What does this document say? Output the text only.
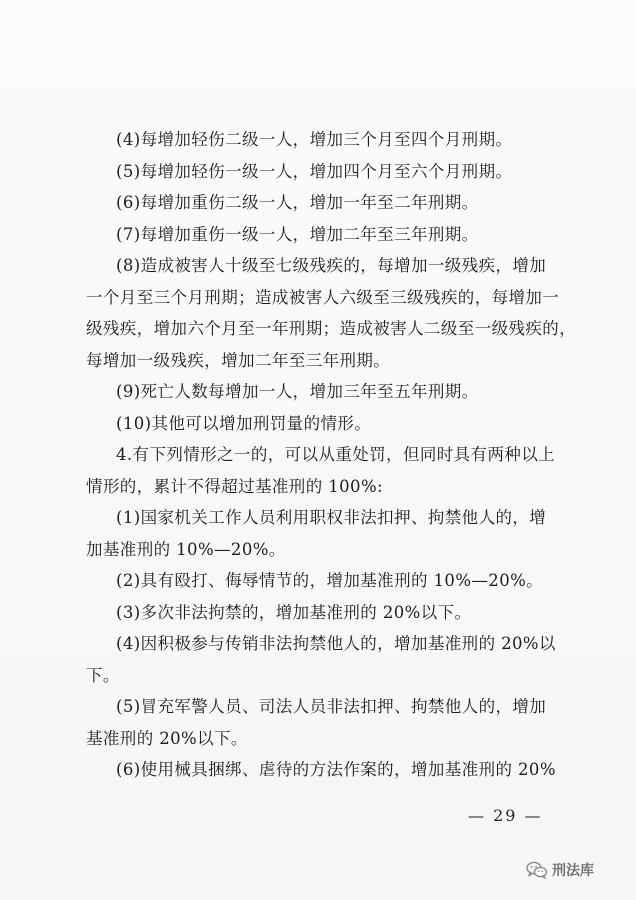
(4)每增加轻伤二级一人，增加三个月至四个月刑期。
(5)每增加轻伤一级一人，增加四个月至六个月刑期。
(6)每增加重伤二级一人，增加一年至二年刑期。
(7)每增加重伤一级一人，增加二年至三年刑期。
(8)造成被害人十级至七级残疾的，每增加一级残疾，增加
一个月至三个月刑期；造成被害人六级至三级残疾的，每增加一
级残疾，增加六个月至一年刑期；造成被害人二级至一级残疾的，
每增加一级残疾，增加二年至三年刑期。
(9)死亡人数每增加一人，增加三年至五年刑期。
(10)其他可以增加刑罚量的情形。
4.有下列情形之一的，可以从重处罚，但同时具有两种以上
情形的，累计不得超过基准刑的 100%:
(1)国家机关工作人员利用职权非法扣押、拘禁他人的，增
加基准刑的 10%—20%。
(2)具有殴打、侮辱情节的，增加基准刑的 10%—20%。
(3)多次非法拘禁的，增加基准刑的 20%以下。
(4)因积极参与传销非法拘禁他人的，增加基准刑的 20%以
下。
(5)冒充军警人员、司法人员非法扣押、拘禁他人的，增加
基准刑的 20%以下。
(6)使用械具捆绑、虐待的方法作案的，增加基准刑的 20%
— 29 —
刑法库
